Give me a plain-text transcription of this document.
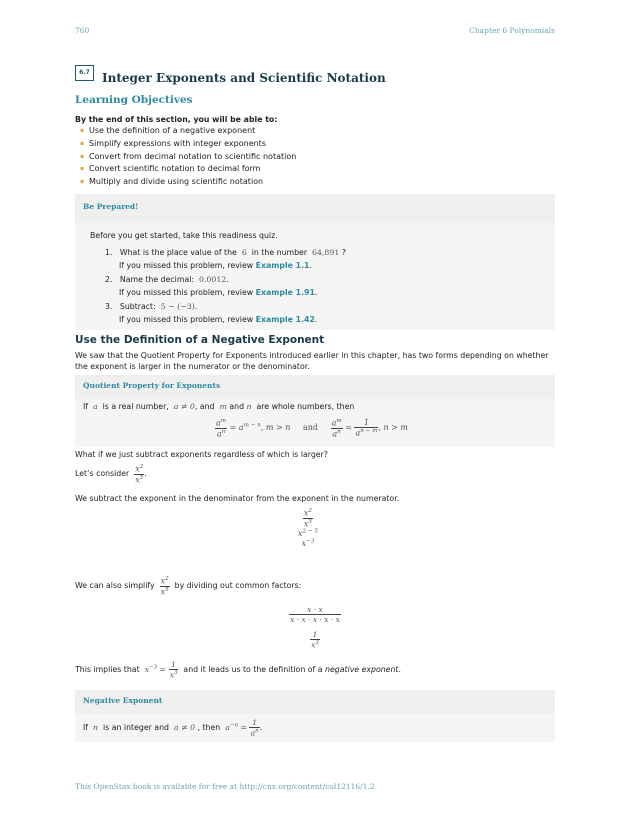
760	Chapter 6 Polynomials
6.7	Integer Exponents and Scientific Notation
Learning Objectives
By the end of this section, you will be able to:
▪ Use the definition of a negative exponent
▪ Simplify expressions with integer exponents
▪ Convert from decimal notation to scientific notation
▪ Convert scientific notation to decimal form
▪ Multiply and divide using scientific notation
Be Prepared!
Before you get started, take this readiness quiz.
1. What is the place value of the 6 in the number 64,891 ?
If you missed this problem, review Example 1.1.
2. Name the decimal: 0.0012.
If you missed this problem, review Example 1.91.
3. Subtract: 5 − (−3).
If you missed this problem, review Example 1.42.
Use the Definition of a Negative Exponent
We saw that the Quotient Property for Exponents introduced earlier in this chapter, has two forms depending on whether the exponent is larger in the numerator or the denominator.
Quotient Property for Exponents
If a is a real number, a ≠ 0, and m and n are whole numbers, then
$\frac{a^m}{a^n} = a^{m - n}$, m > n and $\frac{a^m}{a^n} = \frac{1}{a^{n - m}}$ , n > m
What if we just subtract exponents regardless of which is larger?
Let’s consider $\frac{x^2}{x^5}$ .
We subtract the exponent in the denominator from the exponent in the numerator.
$\frac{x^2}{x^5}$

$x^{2 - 5}$
$x^{-3}$
We can also simplify $\frac{x^2}{x^5}$ by dividing out common factors:
$\frac{x \cdot x}{x \cdot x \cdot x \cdot x \cdot x}$

$\frac{1}{x^3}$
This implies that $x^{-3} = \frac{1}{x^3}$ and it leads us to the definition of a negative exponent.
Negative Exponent
If n is an integer and a ≠ 0 , then $a^{-n} = \frac{1}{a^n}$ .
This OpenStax book is available for free at http://cnx.org/content/col12116/1.2
